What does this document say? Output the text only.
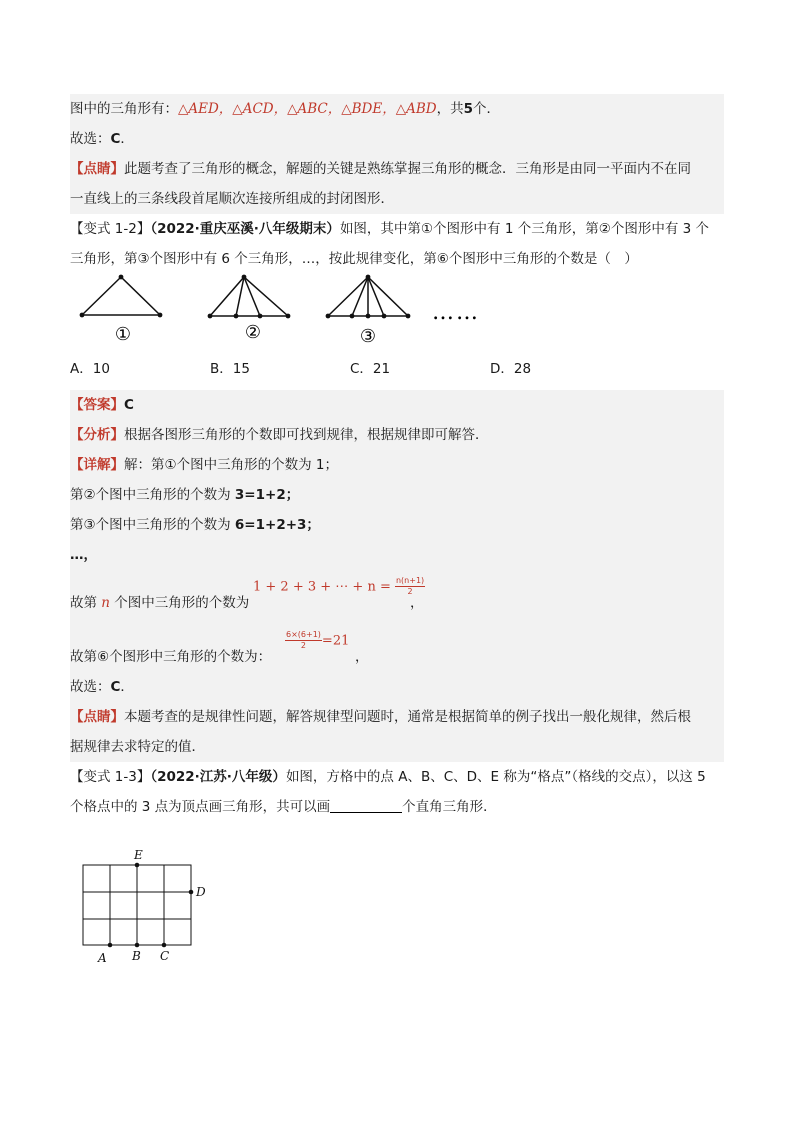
图中的三角形有：△AED，△ACD，△ABC，△BDE，△ABD，共5个．
故选：C．
【点睛】此题考查了三角形的概念，解题的关键是熟练掌握三角形的概念．三角形是由同一平面内不在同
一直线上的三条线段首尾顺次连接所组成的封闭图形．
【变式 1-2】（2022·重庆巫溪·八年级期末）如图，其中第①个图形中有 1 个三角形，第②个图形中有 3 个
三角形，第③个图形中有 6 个三角形，…，按此规律变化，第⑥个图形中三角形的个数是（　）
①	②	③
……
A．10	B．15	C．21	D．28
【答案】C
【分析】根据各图形三角形的个数即可找到规律，根据规律即可解答．
【详解】解：第①个图中三角形的个数为 1；
第②个图中三角形的个数为 3=1+2；
第③个图中三角形的个数为 6=1+2+3；
…，
故第 n 个图中三角形的个数为
1 + 2 + 3 + ⋯ + $n = \frac{n(n+1)}{2}$
，
故第⑥个图形中三角形的个数为：
$\frac{6\times(6+1)}{2} =21$
，
故选：C．
【点睛】本题考查的是规律性问题，解答规律型问题时，通常是根据简单的例子找出一般化规律，然后根
据规律去求特定的值．
【变式 1-3】（2022·江苏·八年级）如图，方格中的点 A、B、C、D、E 称为“格点”（格线的交点），以这 5
个格点中的 3 点为顶点画三角形，共可以画	个直角三角形．
E
D
A B C
